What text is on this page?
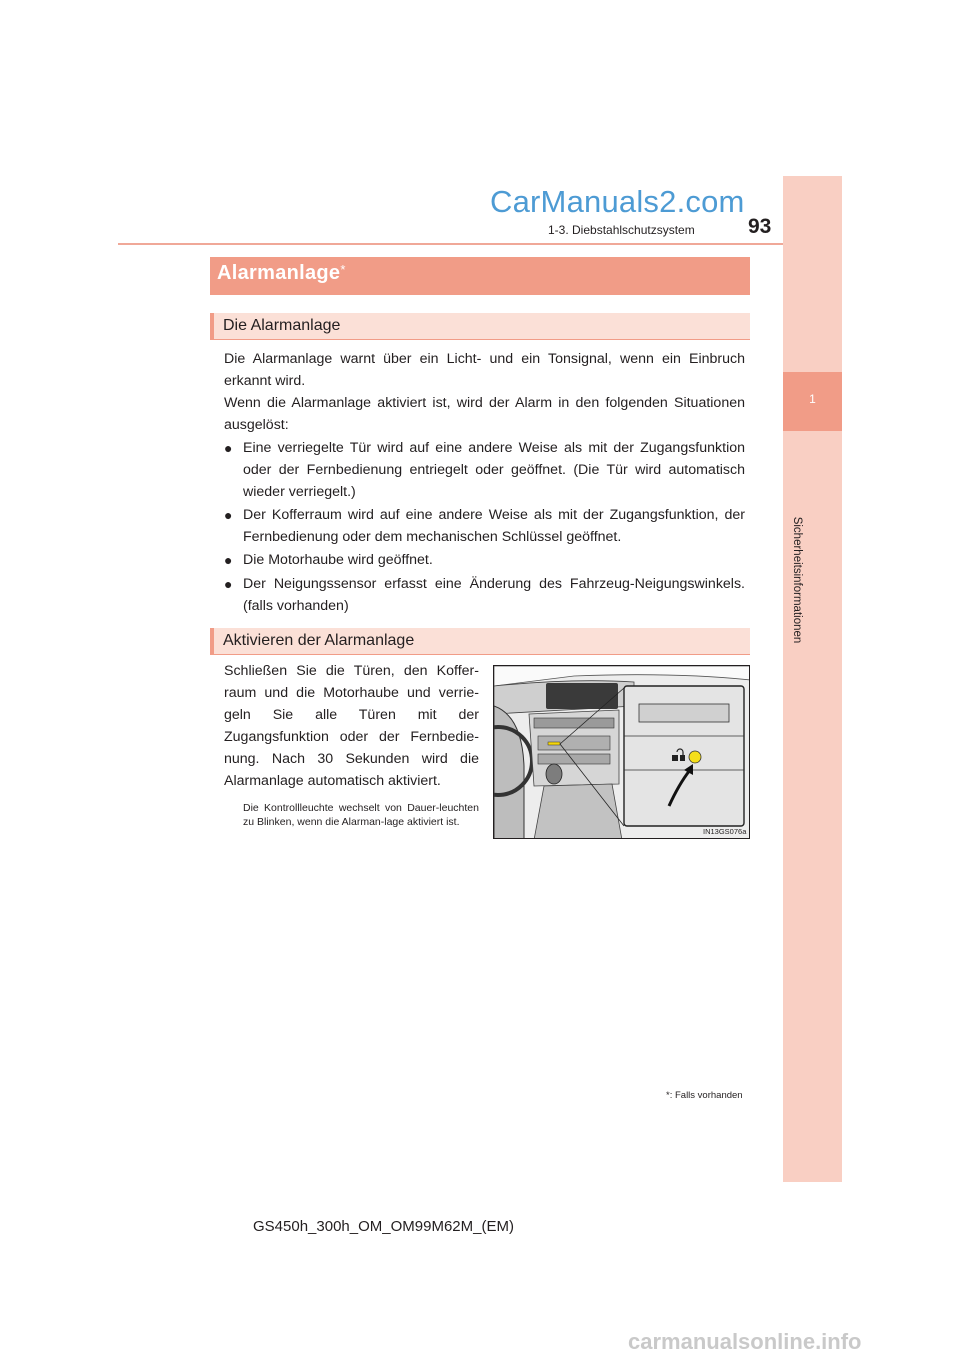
CarManuals2.com
93
1-3. Diebstahlschutzsystem
1
Sicherheitsinformationen
Alarmanlage*
Die Alarmanlage
Die Alarmanlage warnt über ein Licht- und ein Tonsignal, wenn ein Einbruch erkannt wird.
Wenn die Alarmanlage aktiviert ist, wird der Alarm in den folgenden Situationen ausgelöst:
● Eine verriegelte Tür wird auf eine andere Weise als mit der Zugangsfunktion oder der Fernbedienung entriegelt oder geöffnet. (Die Tür wird automatisch wieder verriegelt.)
● Der Kofferraum wird auf eine andere Weise als mit der Zugangsfunktion, der Fernbedienung oder dem mechanischen Schlüssel geöffnet.
● Die Motorhaube wird geöffnet.
● Der Neigungssensor erfasst eine Änderung des Fahrzeug-Neigungswinkels. (falls vorhanden)
Aktivieren der Alarmanlage
Schließen Sie die Türen, den Koffer-raum und die Motorhaube und verrie-geln Sie alle Türen mit der Zugangsfunktion oder der Fernbedie-nung. Nach 30 Sekunden wird die Alarmanlage automatisch aktiviert.
Die Kontrollleuchte wechselt von Dauer-leuchten zu Blinken, wenn die Alarman-lage aktiviert ist.
IN13GS076a
*: Falls vorhanden
GS450h_300h_OM_OM99M62M_(EM)
carmanualsonline.info
